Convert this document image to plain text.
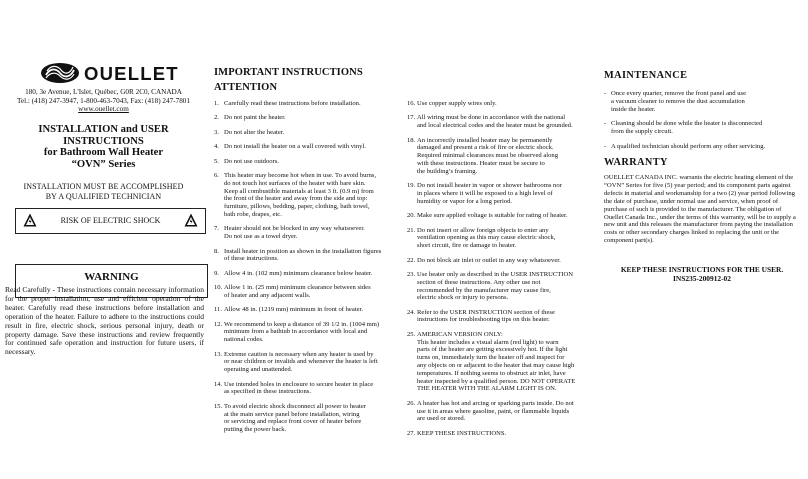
OUELLET
180, 3e Avenue, L'Islet, Québec, G0R 2C0, CANADA
Tel.: (418) 247-3947, 1-800-463-7043, Fax: (418) 247-7801
www.ouellet.com
INSTALLATION and USER
INSTRUCTIONS
for Bathroom Wall Heater
“OVN” Series
INSTALLATION MUST BE ACCOMPLISHED
BY A QUALIFIED TECHNICIAN
RISK OF ELECTRIC SHOCK
WARNING
Read Carefully - These instructions contain necessary information for the proper installation, use and efficient operation of the heater. Carefully read these instructions before installation and operation of the heater. Failure to adhere to the instructions could result in fire, electric shock, serious personal injury, death or property damage. Save these instructions and review frequently for continued safe operation and instruction for future users, if necessary.
IMPORTANT INSTRUCTIONS
ATTENTION
1. Carefully read these instructions before installation.
2. Do not paint the heater.
3. Do not alter the heater.
4. Do not install the heater on a wall covered with vinyl.
5. Do not use outdoors.
6. This heater may become hot when in use. To avoid burns,
do not touch hot surfaces of the heater with bare skin.
Keep all combustible materials at least 3 ft. (0.9 m) from
the front of the heater and away from the side and top:
furniture, pillows, bedding, paper, clothing, bath towel,
bath robe, drapes, etc.
7. Heater should not be blocked in any way whatsoever.
Do not use as a towel dryer.
8. Install heater in position as shown in the installation figures
of these instructions.
9. Allow 4 in. (102 mm) minimum clearance below heater.
10. Allow 1 in. (25 mm) minimum clearance between sides
of heater and any adjacent walls.
11. Allow 48 in. (1219 mm) minimum in front of heater.
12. We recommend to keep a distance of 39 1/2 in. (1004 mm)
minimum from a bathtub in accordance with local and
national codes.
13. Extreme caution is necessary when any heater is used by
or near children or invalids and whenever the heater is left
operating and unattended.
14. Use intended holes in enclosure to secure heater in place
as specified in these instructions.
15. To avoid electric shock disconnect all power to heater
at the main service panel before installation, wiring
or servicing and replace front cover of heater before
putting the power back.
16. Use copper supply wires only.
17. All wiring must be done in accordance with the national
and local electrical codes and the heater must be grounded.
18. An incorrectly installed heater may be permanently
damaged and present a risk of fire or electric shock.
Required minimal clearances must be observed along
with these instructions. Heater must be secure to
the building’s framing.
19. Do not install heater in vapor or shower bathrooms nor
in places where it will be exposed to a high level of
humidity or vapor for a long period.
20. Make sure applied voltage is suitable for rating of heater.
21. Do not insert or allow foreign objects to enter any
ventilation opening as this may cause electric shock,
short circuit, fire or damage to heater.
22. Do not block air inlet or outlet in any way whatsoever.
23. Use heater only as described in the USER INSTRUCTION
section of these instructions. Any other use not
recommended by the manufacturer may cause fire,
electric shock or injury to persons.
24. Refer to the USER INSTRUCTION section of these
instructions for troubleshooting tips on this heater.
25. AMERICAN VERSION ONLY:
This heater includes a visual alarm (red light) to warn
parts of the heater are getting excessively hot. If the light
turns on, immediately turn the heater off and inspect for
any objects on or adjacent to the heater that may cause high
temperatures. If nothing seems to obstruct air inlet, have
heater inspected by a qualified person. DO NOT OPERATE
THE HEATER WITH THE ALARM LIGHT IS ON.
26. A heater has hot and arcing or sparking parts inside. Do not
use it in areas where gasoline, paint, or flammable liquids
are used or stored.
27. KEEP THESE INSTRUCTIONS.
MAINTENANCE
- Once every quarter, remove the front panel and use
a vacuum cleaner to remove the dust accumulation
inside the heater.
- Cleaning should be done while the heater is disconnected
from the supply circuit.
- A qualified technician should perform any other servicing.
WARRANTY
OUELLET CANADA INC. warrants the electric heating element of the “OVN” Series for five (5) year period; and its component parts against defects in material and workmanship for a two (2) year period following the date of purchase, under normal use and service, when proof of purchase of such is provided to the manufacturer. The obligation of Ouellet Canada Inc., under the terms of this warranty, will be to supply a new unit and this releases the manufacturer from paying the installation costs or other secondary charges linked to replacing the unit or the component part(s).
KEEP THESE INSTRUCTIONS FOR THE USER.
INS235-200912-02
